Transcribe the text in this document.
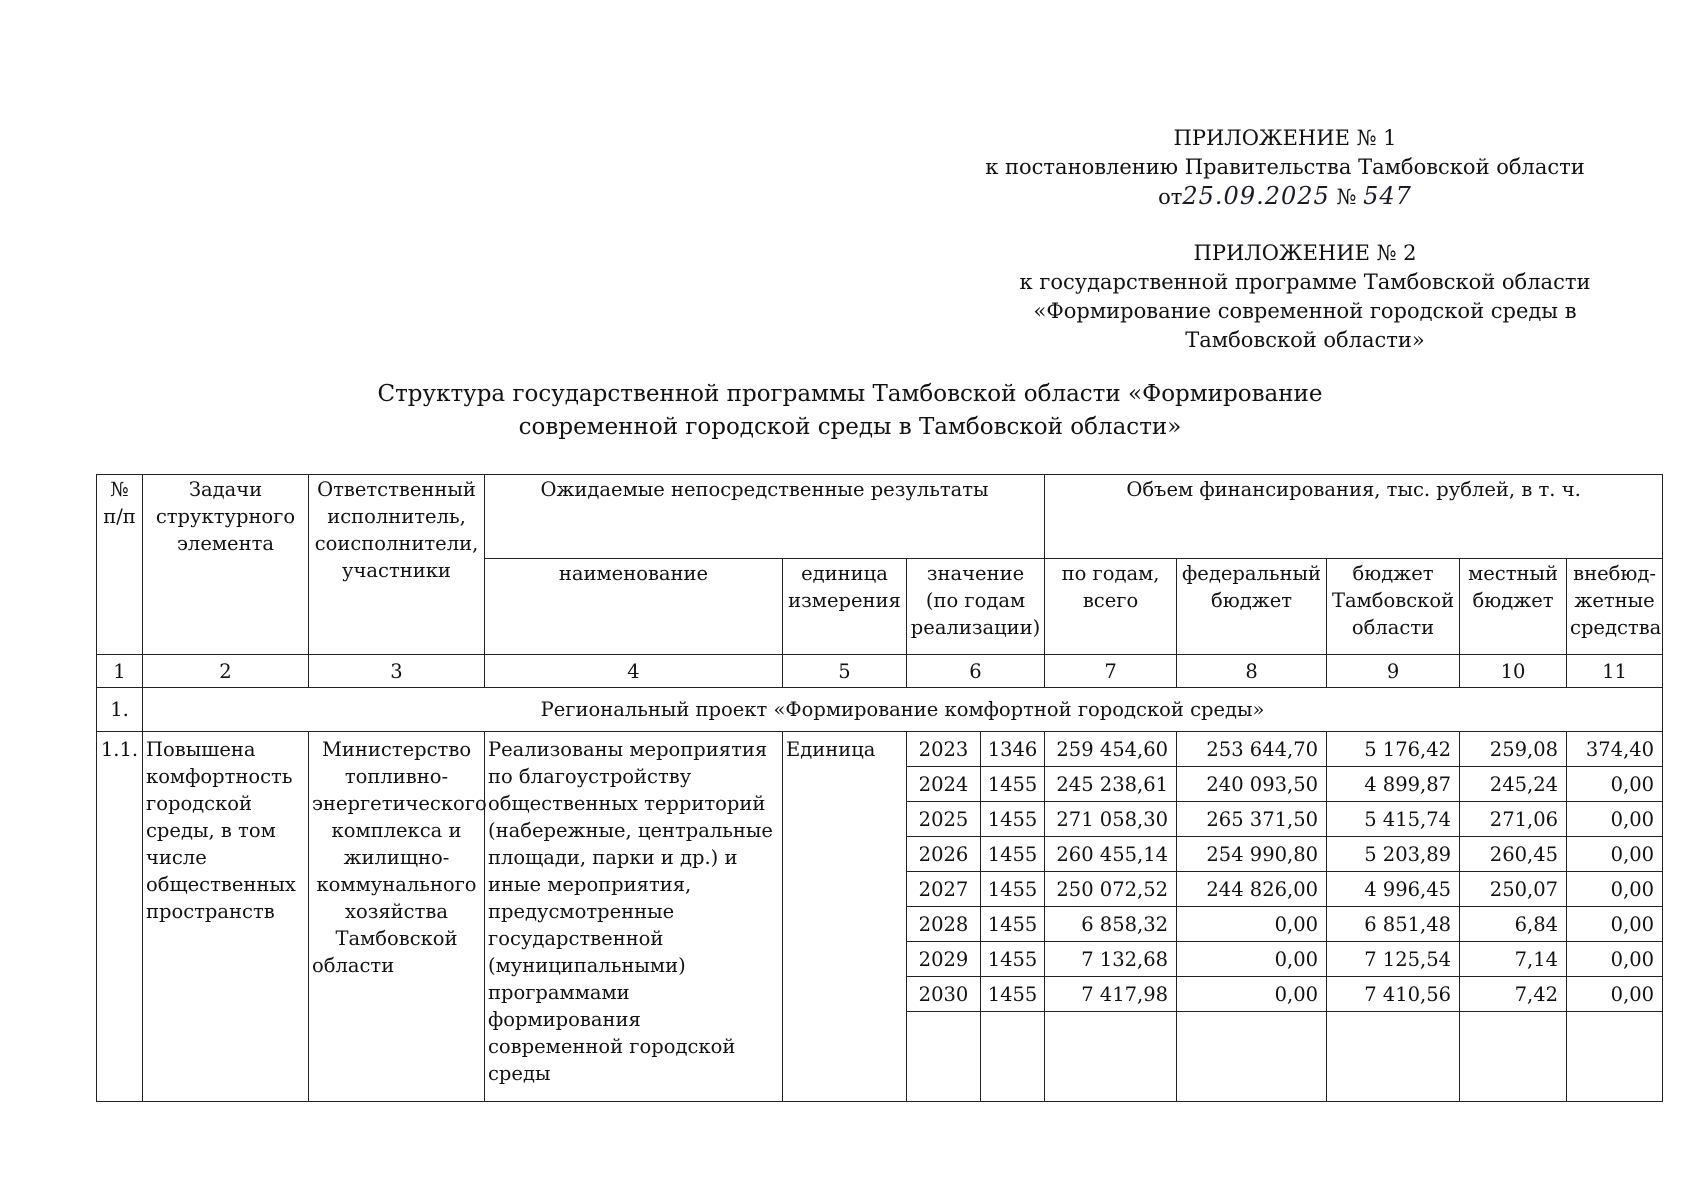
ПРИЛОЖЕНИЕ № 1
к постановлению Правительства Тамбовской области
от25.09.2025 № 547
ПРИЛОЖЕНИЕ № 2
к государственной программе Тамбовской области
«Формирование современной городской среды в
Тамбовской области»
Структура государственной программы Тамбовской области «Формирование
современной городской среды в Тамбовской области»
№ п/п	Задачи структурного элемента	Ответственный исполнитель, соисполнители, участники	Ожидаемые непосредственные результаты				Объем финансирования, тыс. рублей, в т. ч.				
			наименование	единица измерения	значение (по годам реализации)		по годам, всего	федеральный бюджет	бюджет Тамбовской области	местный бюджет	внебюд-жетные средства
1	2	3	4	5	6		7	8	9	10	11
1.	Региональный проект «Формирование комфортной городской среды»										
1.1.	Повышена комфортность городской среды, в том числе общественных пространств	Министерство топливно-энергетического комплекса и жилищно-коммунального хозяйства Тамбовской области	Реализованы мероприятия по благоустройству общественных территорий (набережные, центральные площади, парки и др.) и иные мероприятия, предусмотренные государственной (муниципальными) программами формирования современной городской среды	Единица	2023	1346	259 454,60	253 644,70	5 176,42	259,08	374,40
					2024	1455	245 238,61	240 093,50	4 899,87	245,24	0,00
					2025	1455	271 058,30	265 371,50	5 415,74	271,06	0,00
					2026	1455	260 455,14	254 990,80	5 203,89	260,45	0,00
					2027	1455	250 072,52	244 826,00	4 996,45	250,07	0,00
					2028	1455	6 858,32	0,00	6 851,48	6,84	0,00
					2029	1455	7 132,68	0,00	7 125,54	7,14	0,00
					2030	1455	7 417,98	0,00	7 410,56	7,42	0,00
